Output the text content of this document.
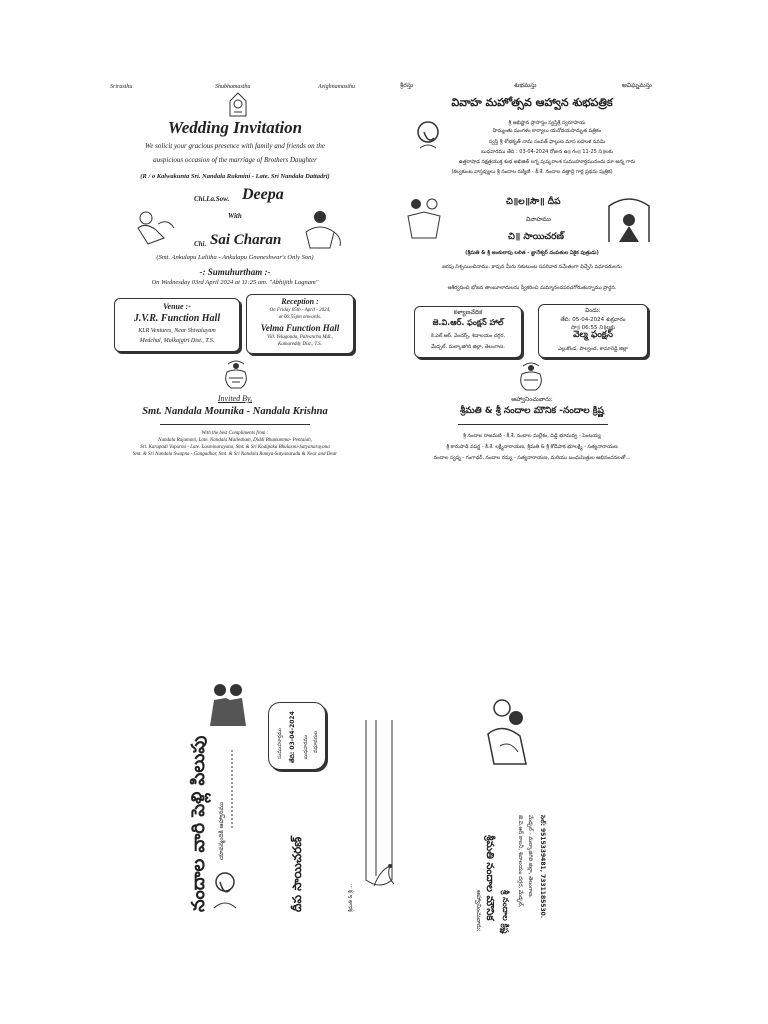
Srirasthu	Shubhamasthu	Avighnamasthu
Wedding Invitation
We solicit your gracious presence with family and friends on the
auspicious occasion of the marriage of Brothers Daughter
(R / o Kalwakunta Sri. Nandala Rukmini - Late. Sri Nandala Dattadri)
Chi.La.Sow. Deepa
With
Chi. Sai Charan
(Smt. Ankulapu Lalitha - Ankulapu Gnaneshwar's Only Son)
-: Sumuhurtham :-
On Wednesday 03rd April 2024 at 11:25 am. "Abhijith Lagnam"
Venue :-
J.V.R. Function Hall
KLR Ventures, Near Shivalayam
Medchal, Malkajgiri Dist., T.S.
Reception :
On Friday 05th - April - 2024,
at 06:55pm onwards.
Velma Function Hall
Vill. Yelugonda, Palvancha Mdl.,
Kamareddy Dist., T.S.
Invited By,
Smt. Nandala Mounika - Nandala Krishna
With the best Compliments from :
Nandala Rajamani, Late. Nandala Mallesham, Diddi Bhumamma- Pentaiah,
Sri. Karupadi Vaparna - Late. Laxminarayana, Smt. & Sri Kodipaka Bhulaxmi-Satyanarayana
Smt. & Sri Nandala Swapna - Gangadhar, Smt. & Sri Nandala Ramya-Satyanaradu & Near and Dear
శ్రీరస్తు	శుభమస్తు	అవిఘ్నమస్తు
వివాహ మహోత్సవ ఆహ్వాన శుభపత్రిక
శ్రీ అభిష్టాన ప్రాసాస్తం స్వస్తిశ్రీ స్వరూపాయ
హిమ్మంతు మంగళం కార్యాలు యనోదయసాద్భుత పత్రికం
స్వస్తి శ్రీ శోభకృత్ నామ సంవత్ ఫాల్గుణ మాస బహుళ నవమి
బుధవారము తేది : 03-04-2024 రోజున ఉ॥ గం॥ 11-25 ని॥లకు
ఉత్తరాషాఢ నక్షత్రయుక్త శుభ అభిజిత్ లగ్న పుష్కరాంశ సుముహూర్తమునందు మా అన్న గారు
(కల్వకుంట వాస్తవ్యులు శ్రీ నందాల రుక్మిణి - కీ.శే. నందాల దత్తాద్రి గార్ల ప్రథమ పుత్రిక)
చి॥ల॥సౌ॥ దీప
వివాహము
చి॥ సాయిచరణ్
(శ్రీమతి & శ్రీ అంకులాపు లలిత - జ్ఞానేశ్వర్ దంపతుల ఏకైక పుత్రుడు)
జరపు నిశ్చయించినాము. కావున మీరు సకుటుంబ సపరివార సమేతంగా విచ్చేసి వధూవరులను
ఆశీర్వదించి భోజన తాంబూలాదులను స్వీకరించి మమ్మానందపరచగోరుతున్నాము ప్రార్థన.
కళ్యాణవేదిక
జె.వి.ఆర్. ఫంక్షన్ హాల్
కె.ఎల్.ఆర్. వెంచర్స్, శివాలయం దగ్గర,
మేడ్చల్, మల్కాజిగిరి జిల్లా, తెలంగాణ.
విందు:
తేది: 05-04-2024 శుక్రవారం
సా॥ 06:55 ని॥లకు
వెల్మ ఫంక్షన్
ఎల్లుకొండ, పాల్వంచ, కామారెడ్డి జిల్లా
ఆహ్వానించువారు:
శ్రీమతి & శ్రీ నందాల మౌనిక -నందాల క్రిష్ణ
శ్రీ నందాల రాజమణి - కీ.శే. నందాల మల్లేశం, దిడ్డి భూమవ్వ - పెంటయ్య
శ్రీ కారుపాడి వపర్ణ - కీ.శే. లక్ష్మీనారాయణ, శ్రీమతి & శ్రీ కోడిపాక భూలక్ష్మి - సత్యనారాయణ
నందాల స్వప్న - గంగాధర్, నందాల రమ్య - సత్యనారాయణ, మరియు బంధుమిత్రుల అభినందనలతో...
నందాల వారి పెళ్లి పిలుపు	యావన్మందికి ఆహ్వానము
దీప సాయిచరణ్
సుముహూర్తము తేది: 03-04-2024 బుధవారము వధూవరుల
శ్రీమతి & శ్రీ ...	ఆహ్వానించువారు: శ్రీమతి నందాల మౌనిక శ్రీ నందాల క్రిష్ణ
జె.వి.ఆర్ కాలనీ, శివాలయం దగ్గర, మేడ్చల్, మేడ్చల్ - మల్కాజిగిరి జిల్లా, తెలంగాణ. సెల్: 9515339481, 7331185530.
